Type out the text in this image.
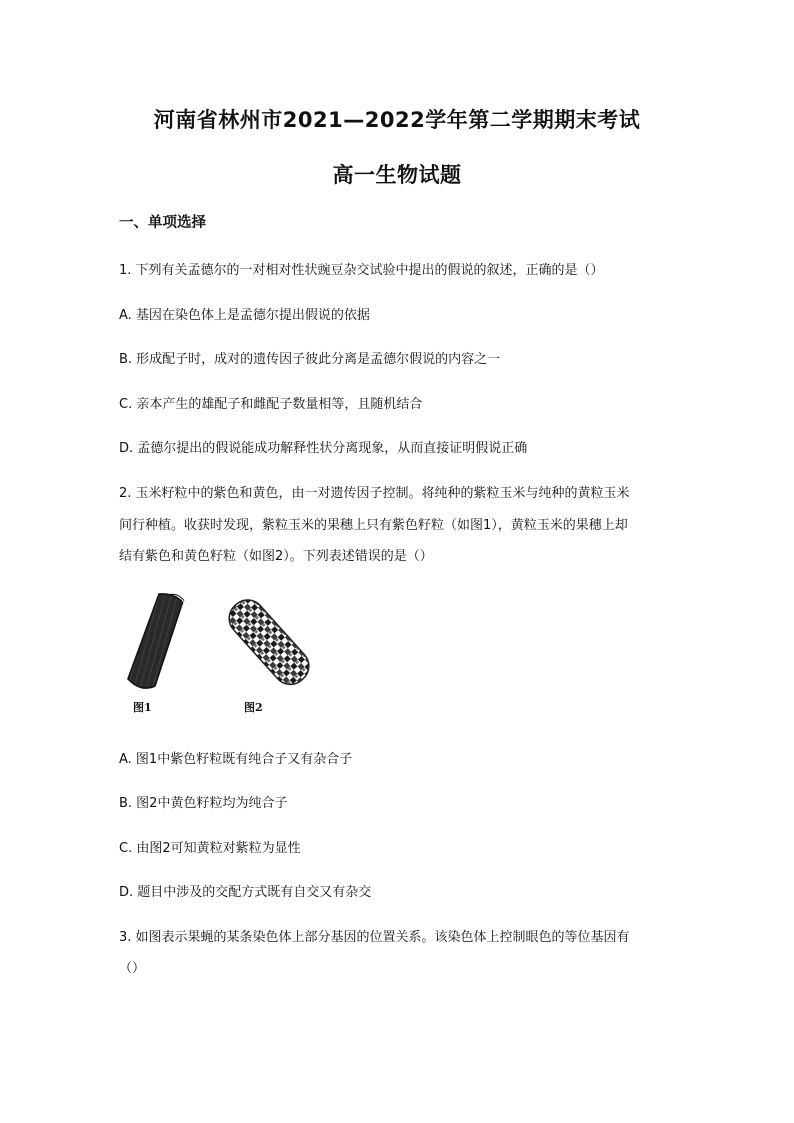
河南省林州市2021—2022学年第二学期期末考试
高一生物试题
一、单项选择
1. 下列有关孟德尔的一对相对性状豌豆杂交试验中提出的假说的叙述，正确的是（）
A. 基因在染色体上是孟德尔提出假说的依据
B. 形成配子时，成对的遗传因子彼此分离是孟德尔假说的内容之一
C. 亲本产生的雄配子和雌配子数量相等，且随机结合
D. 孟德尔提出的假说能成功解释性状分离现象，从而直接证明假说正确
2. 玉米籽粒中的紫色和黄色，由一对遗传因子控制。将纯种的紫粒玉米与纯种的黄粒玉米
间行种植。收获时发现，紫粒玉米的果穗上只有紫色籽粒（如图1），黄粒玉米的果穗上却
结有紫色和黄色籽粒（如图2）。下列表述错误的是（）
图1	图2
A. 图1中紫色籽粒既有纯合子又有杂合子
B. 图2中黄色籽粒均为纯合子
C. 由图2可知黄粒对紫粒为显性
D. 题目中涉及的交配方式既有自交又有杂交
3. 如图表示果蝇的某条染色体上部分基因的位置关系。该染色体上控制眼色的等位基因有
（）
